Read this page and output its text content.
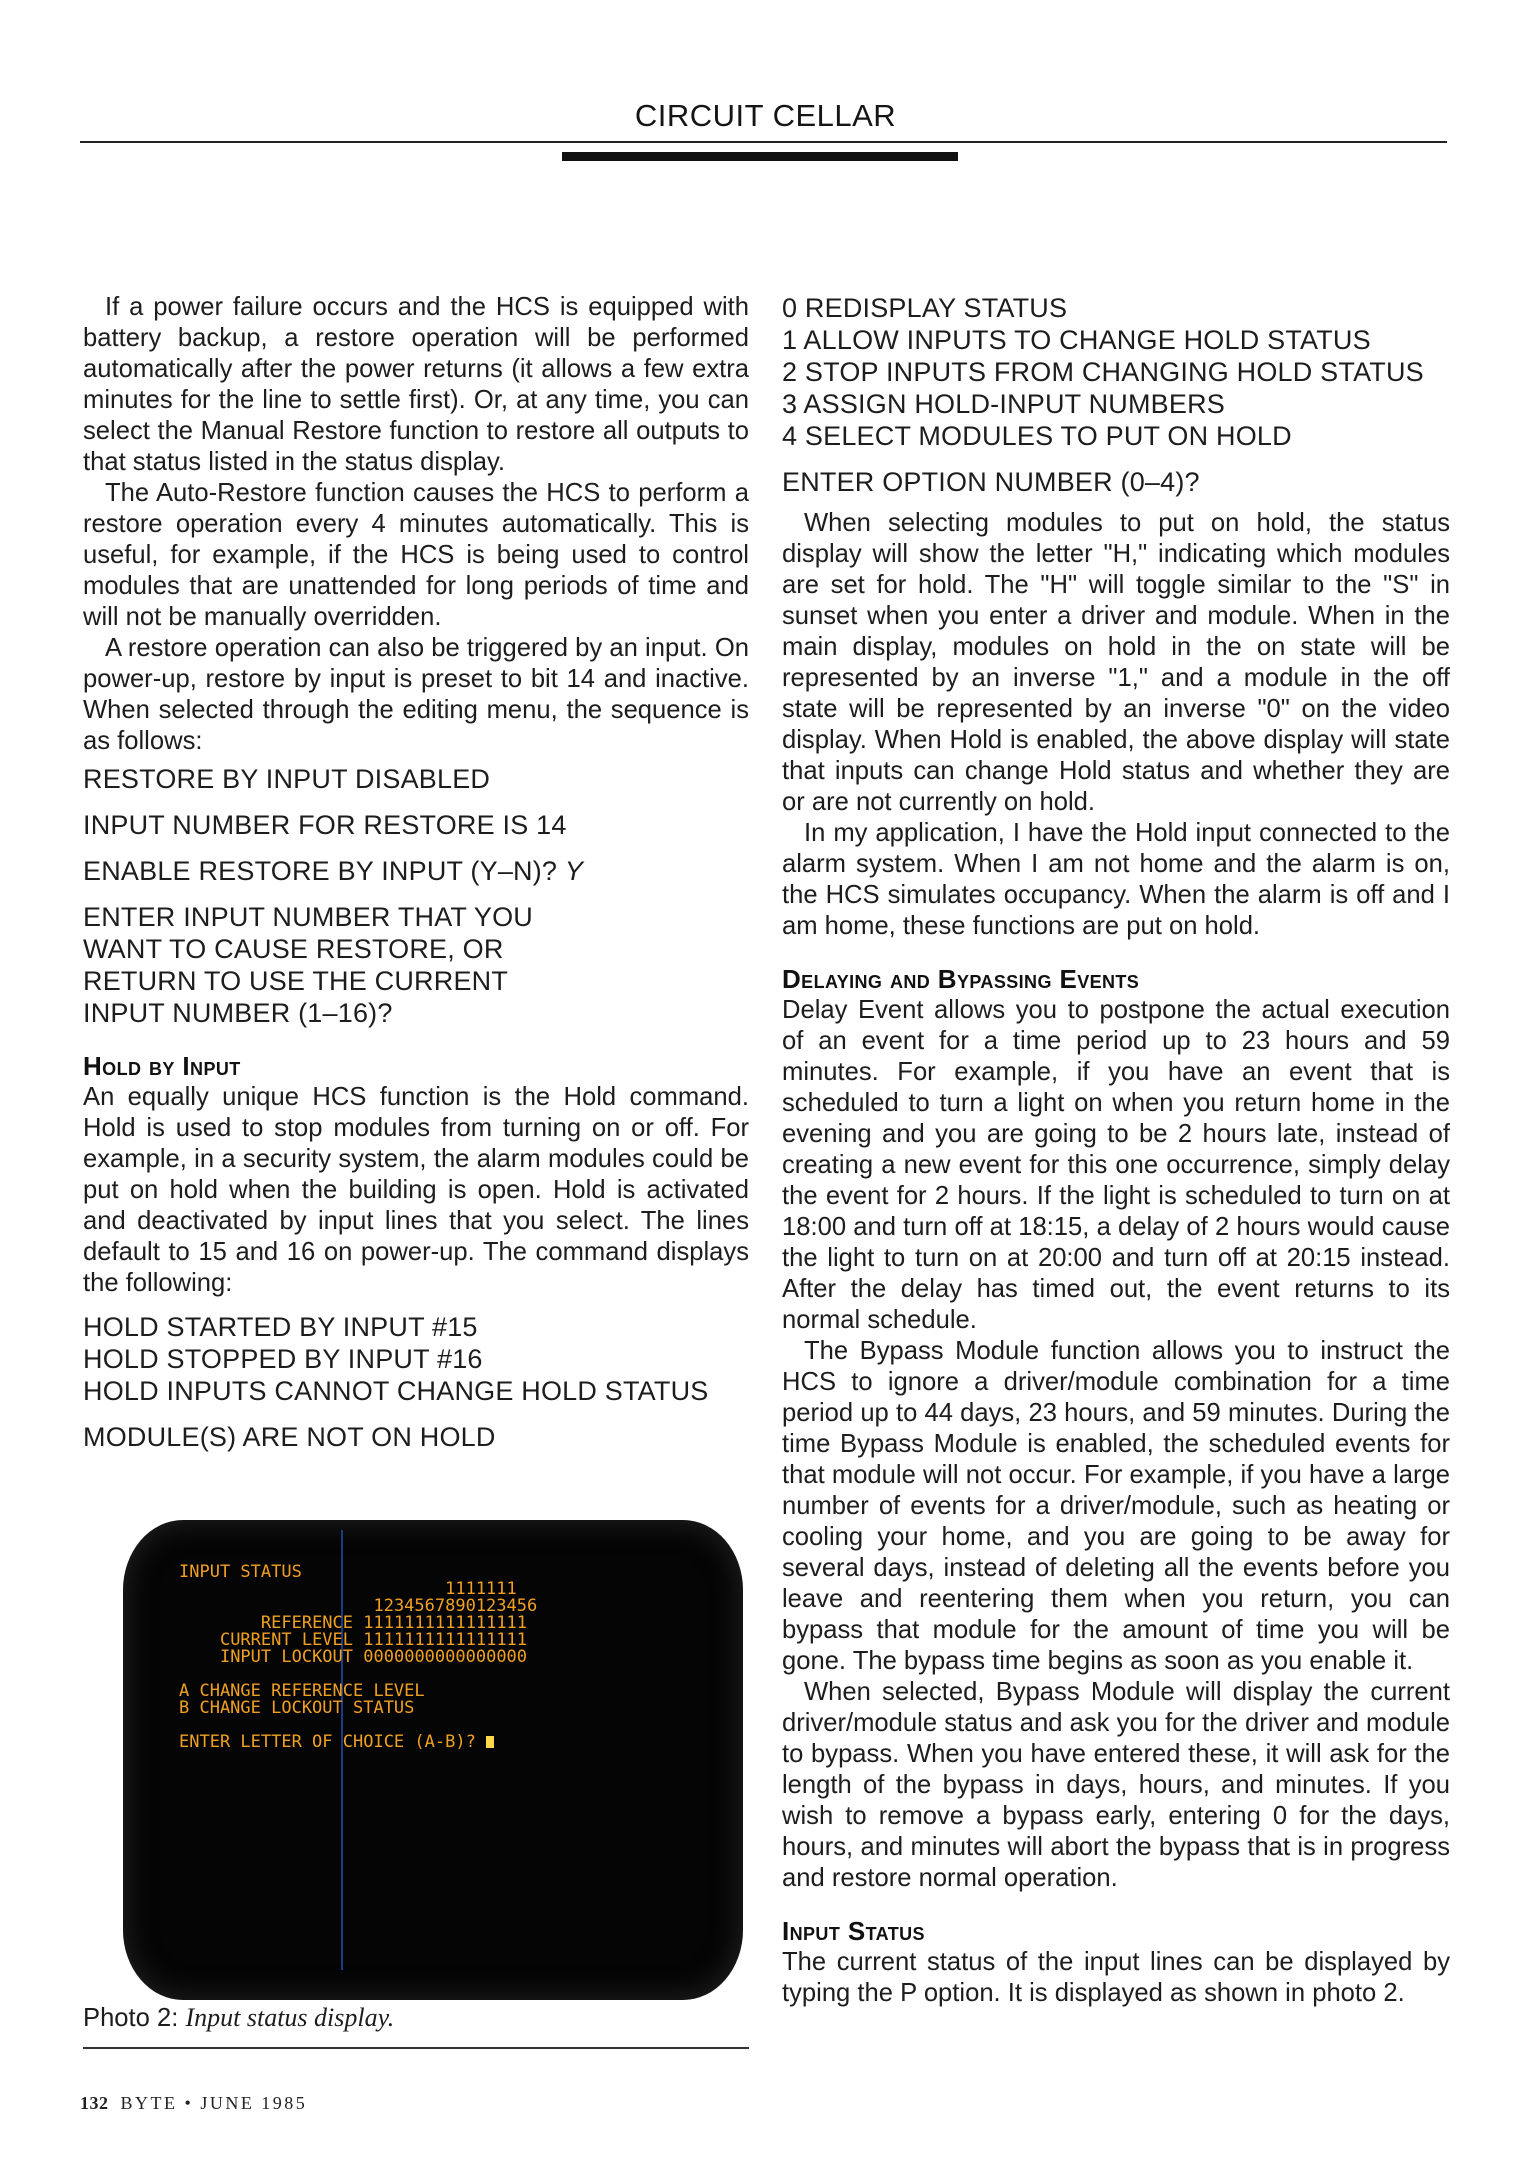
CIRCUIT CELLAR

If a power failure occurs and the HCS is equipped with battery backup, a restore operation will be performed automatically after the power returns (it allows a few extra minutes for the line to settle first). Or, at any time, you can select the Manual Restore function to restore all outputs to that status listed in the status display.

The Auto-Restore function causes the HCS to perform a restore operation every 4 minutes automatically. This is useful, for example, if the HCS is being used to control modules that are unattended for long periods of time and will not be manually overridden.

A restore operation can also be triggered by an input. On power-up, restore by input is preset to bit 14 and inactive. When selected through the editing menu, the sequence is as follows:

RESTORE BY INPUT DISABLED
INPUT NUMBER FOR RESTORE IS 14
ENABLE RESTORE BY INPUT (Y–N)? Y
ENTER INPUT NUMBER THAT YOU
WANT TO CAUSE RESTORE, OR
RETURN TO USE THE CURRENT
INPUT NUMBER (1–16)?

Hold by Input

An equally unique HCS function is the Hold command. Hold is used to stop modules from turning on or off. For example, in a security system, the alarm modules could be put on hold when the building is open. Hold is activated and deactivated by input lines that you select. The lines default to 15 and 16 on power-up. The command displays the following:

HOLD STARTED BY INPUT #15
HOLD STOPPED BY INPUT #16
HOLD INPUTS CANNOT CHANGE HOLD STATUS
MODULE(S) ARE NOT ON HOLD
INPUT STATUS
1111111
1234567890123456
REFERENCE 1111111111111111
CURRENT LEVEL 1111111111111111
INPUT LOCKOUT 0000000000000000

A CHANGE REFERENCE LEVEL
B CHANGE LOCKOUT STATUS

ENTER LETTER OF CHOICE (A-B)?
Photo 2: Input status display.
0 REDISPLAY STATUS
1 ALLOW INPUTS TO CHANGE HOLD STATUS
2 STOP INPUTS FROM CHANGING HOLD STATUS
3 ASSIGN HOLD-INPUT NUMBERS
4 SELECT MODULES TO PUT ON HOLD
ENTER OPTION NUMBER (0–4)?

When selecting modules to put on hold, the status display will show the letter "H," indicating which modules are set for hold. The "H" will toggle similar to the "S" in sunset when you enter a driver and module. When in the main display, modules on hold in the on state will be represented by an inverse "1," and a module in the off state will be represented by an inverse "0" on the video display. When Hold is enabled, the above display will state that inputs can change Hold status and whether they are or are not currently on hold.

In my application, I have the Hold input connected to the alarm system. When I am not home and the alarm is on, the HCS simulates occupancy. When the alarm is off and I am home, these functions are put on hold.

Delaying and Bypassing Events

Delay Event allows you to postpone the actual execution of an event for a time period up to 23 hours and 59 minutes. For example, if you have an event that is scheduled to turn a light on when you return home in the evening and you are going to be 2 hours late, instead of creating a new event for this one occurrence, simply delay the event for 2 hours. If the light is scheduled to turn on at 18:00 and turn off at 18:15, a delay of 2 hours would cause the light to turn on at 20:00 and turn off at 20:15 instead. After the delay has timed out, the event returns to its normal schedule.

The Bypass Module function allows you to instruct the HCS to ignore a driver/module combination for a time period up to 44 days, 23 hours, and 59 minutes. During the time Bypass Module is enabled, the scheduled events for that module will not occur. For example, if you have a large number of events for a driver/module, such as heating or cooling your home, and you are going to be away for several days, instead of deleting all the events before you leave and reentering them when you return, you can bypass that module for the amount of time you will be gone. The bypass time begins as soon as you enable it.

When selected, Bypass Module will display the current driver/module status and ask you for the driver and module to bypass. When you have entered these, it will ask for the length of the bypass in days, hours, and minutes. If you wish to remove a bypass early, entering 0 for the days, hours, and minutes will abort the bypass that is in progress and restore normal operation.

Input Status

The current status of the input lines can be displayed by typing the P option. It is displayed as shown in photo 2.

132 BYTE • JUNE 1985
